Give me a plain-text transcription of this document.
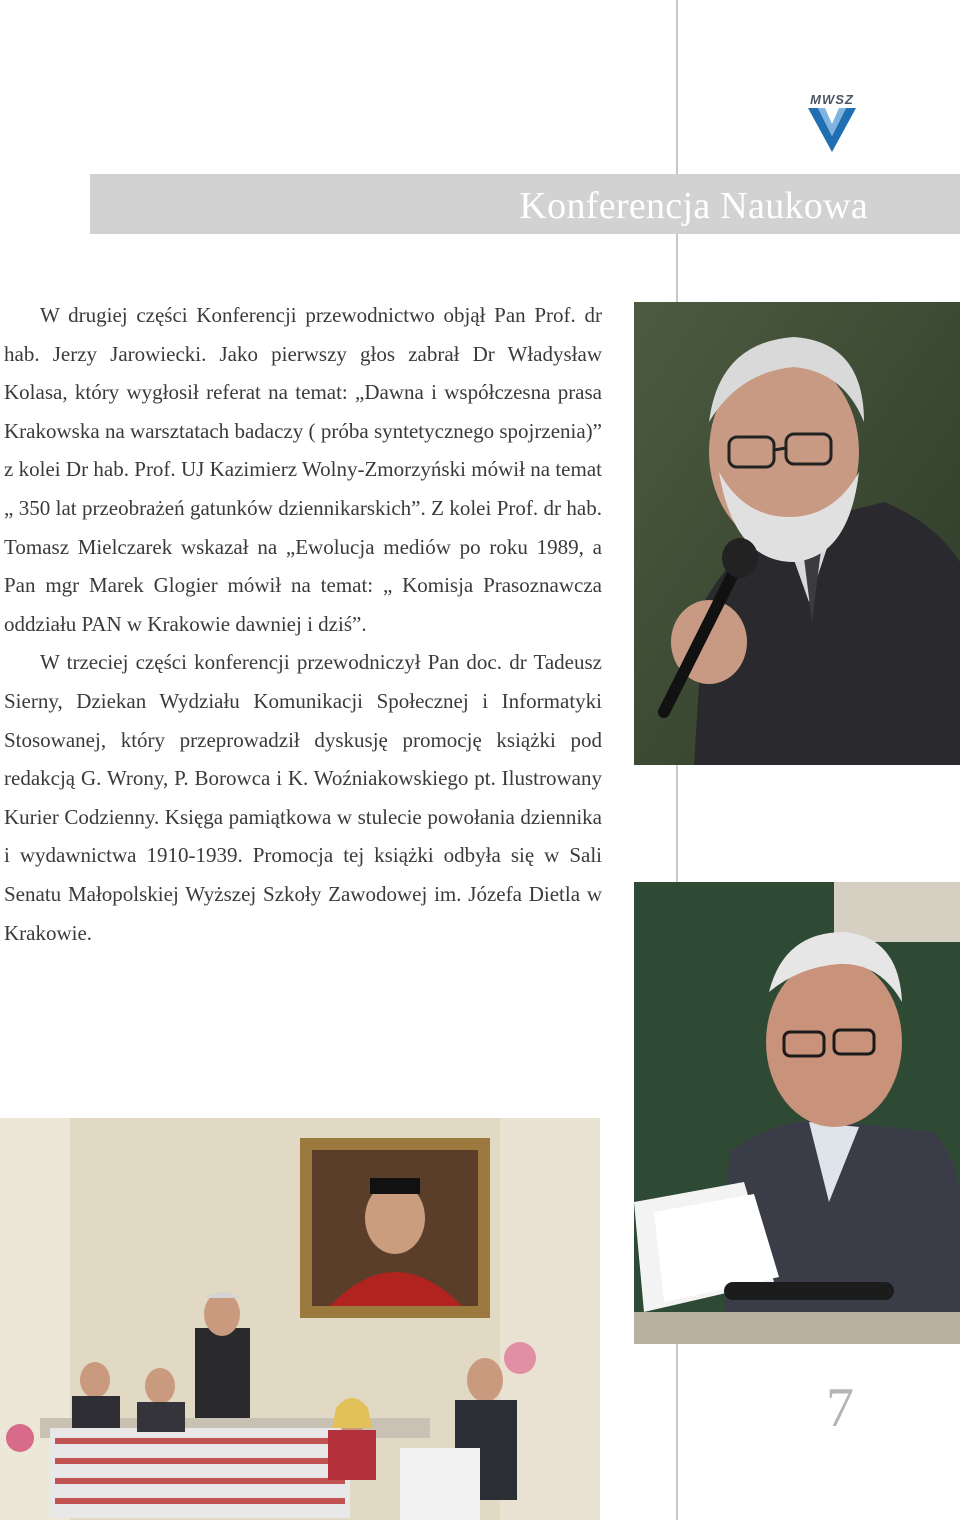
MWSZ
Konferencja Naukowa

W drugiej części Konferencji przewodnictwo objął Pan Prof. dr hab. Jerzy Jarowiecki. Jako pierwszy głos zabrał Dr Władysław Kolasa, który wygłosił referat na temat: „Dawna i współczesna prasa Krakowska na warsztatach badaczy ( próba syntetycznego spojrzenia)” z kolei Dr hab. Prof. UJ Kazimierz Wolny-Zmorzyński mówił na temat „ 350 lat przeobrażeń gatunków dziennikarskich”. Z kolei Prof. dr hab. Tomasz Mielczarek wskazał na „Ewolucja mediów po roku 1989, a Pan mgr Marek Glogier mówił na temat: „ Komisja Prasoznawcza oddziału PAN w Krakowie dawniej i dziś”.

W trzeciej części konferencji przewodniczył Pan doc. dr Tadeusz Sierny, Dziekan Wydziału Komunikacji Społecznej i Informatyki Stosowanej, który przeprowadził dyskusję promocję książki pod redakcją G. Wrony, P. Borowca i K. Woźniakowskiego pt. Ilustrowany Kurier Codzienny. Księga pamiątkowa w stulecie powołania dziennika i wydawnictwa 1910-1939. Promocja tej książki odbyła się w Sali Senatu Małopolskiej Wyższej Szkoły Zawodowej im. Józefa Dietla w Krakowie.

7
